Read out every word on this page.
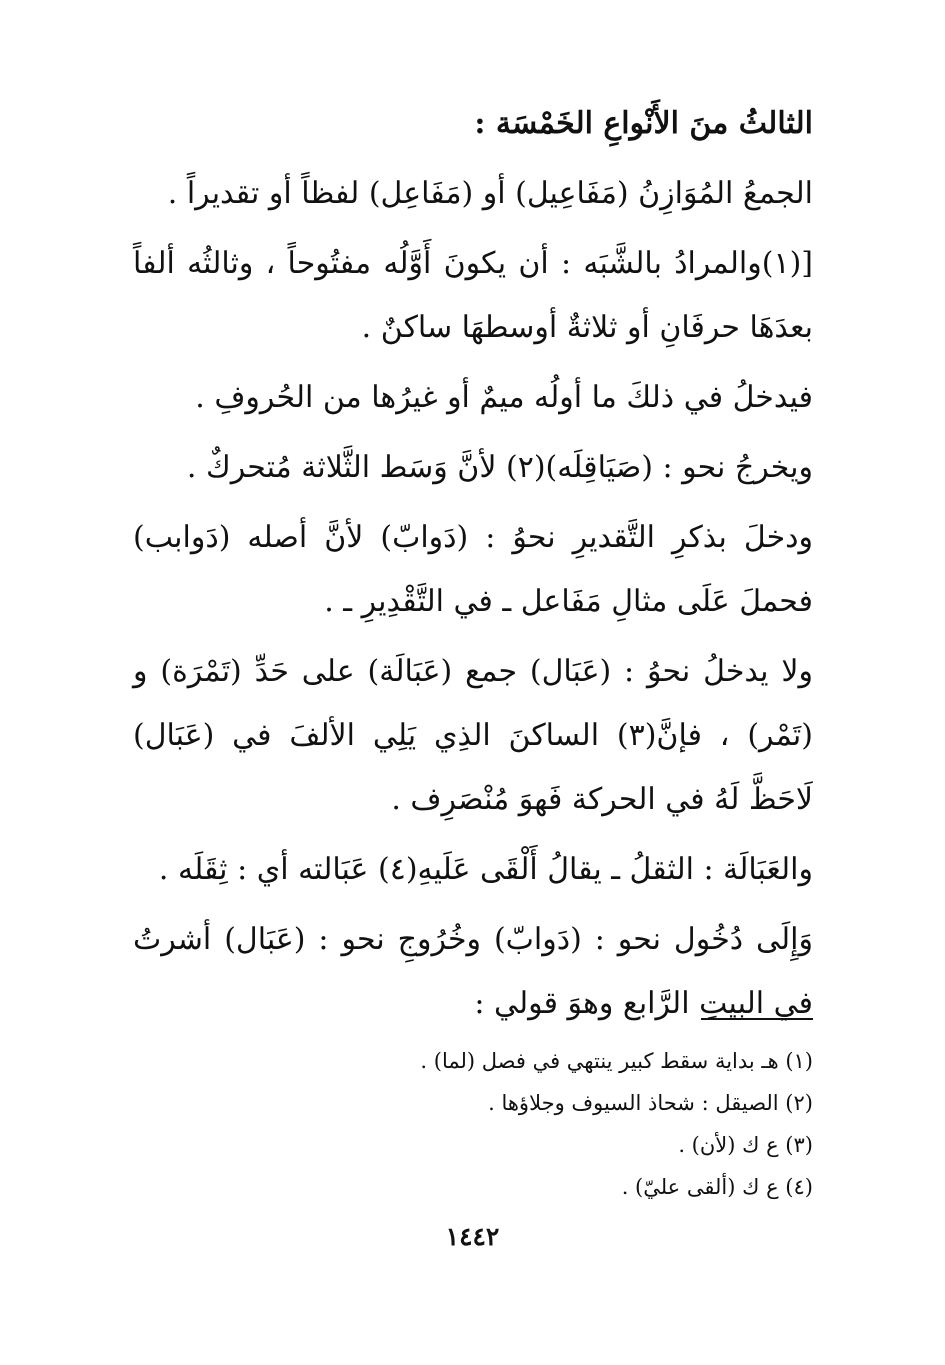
الثالثُ منَ الأَنْواعِ الخَمْسَة :

الجمعُ المُوَازِنُ (مَفَاعِيل) أو (مَفَاعِل) لفظاً أو تقديراً .

[(١)والمرادُ بالشَّبَه : أن يكونَ أَوَّلُه مفتُوحاً ، وثالثُه ألفاً بعدَهَا حرفَانِ أو ثلاثةٌ أوسطهَا ساكنٌ .

فيدخلُ في ذلكَ ما أولُه ميمٌ أو غيرُها من الحُروفِ .

ويخرجُ نحو : (صَيَاقِلَه)(٢) لأنَّ وَسَط الثَّلاثة مُتحركٌ .

ودخلَ بذكرِ التَّقديرِ نحوُ : (دَوابّ) لأنَّ أصله (دَوابب) فحملَ عَلَى مثالِ مَفَاعل ـ في التَّقْدِيرِ ـ .

ولا يدخلُ نحوُ : (عَبَال) جمع (عَبَالَة) على حَدِّ (تَمْرَة) و (تَمْر) ، فإنَّ(٣) الساكنَ الذِي يَلِي الألفَ في (عَبَال) لَاحَظَّ لَهُ في الحركة فَهوَ مُنْصَرِف .

والعَبَالَة : الثقلُ ـ يقالُ أَلْقَى عَلَيهِ(٤) عَبَالته أي : ثِقَلَه .

وَإِلَى دُخُول نحو : (دَوابّ) وخُرُوجِ نحو : (عَبَال) أشرتُ في البيتِ الرَّابع وهوَ قولي :

(١) هـ بداية سقط كبير ينتهي في فصل (لما) .

(٢) الصيقل : شحاذ السيوف وجلاؤها .

(٣) ع ك (لأن) .

(٤) ع ك (ألقى عليّ) .

١٤٤٢
